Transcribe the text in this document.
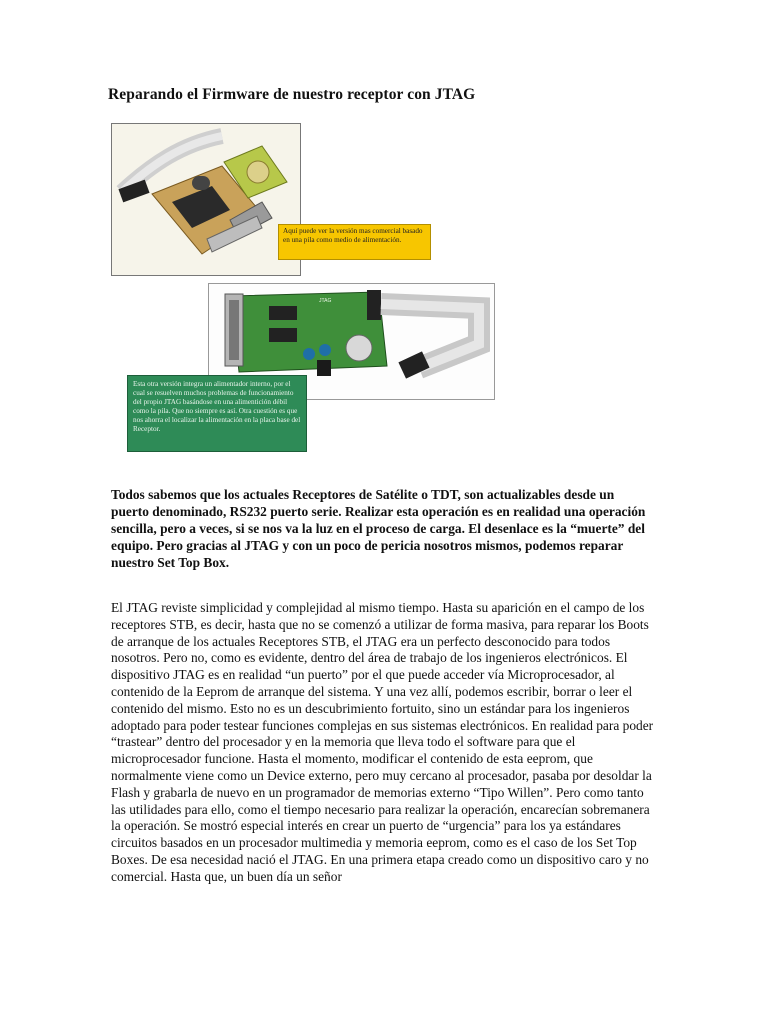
Reparando el Firmware de nuestro receptor con JTAG
Aquí puede ver la versión mas comercial basado en una pila como medio de alimentación.
JTAG
Esta otra versión integra un alimentador interno, por el cual se resuelven muchos problemas de funcionamiento del propio JTAG basándose en una alimentición débil como la pila. Que no siempre es así. Otra cuestión es que nos ahorra el localizar la alimentación en la placa base del Receptor.

Todos sabemos que los actuales Receptores de Satélite o TDT, son actualizables desde un puerto denominado, RS232 puerto serie. Realizar esta operación es en realidad una operación sencilla, pero a veces, si se nos va la luz en el proceso de carga. El desenlace es la “muerte” del equipo. Pero gracias al JTAG y con un poco de pericia nosotros mismos, podemos reparar nuestro Set Top Box.

El JTAG reviste simplicidad y complejidad al mismo tiempo. Hasta su aparición en el campo de los receptores STB, es decir, hasta que no se comenzó a utilizar de forma masiva, para reparar los Boots de arranque de los actuales Receptores STB, el JTAG era un perfecto desconocido para todos nosotros. Pero no, como es evidente, dentro del área de trabajo de los ingenieros electrónicos. El dispositivo JTAG es en realidad “un puerto” por el que puede acceder vía Microprocesador, al contenido de la Eeprom de arranque del sistema. Y una vez allí, podemos escribir, borrar o leer el contenido del mismo. Esto no es un descubrimiento fortuito, sino un estándar para los ingenieros adoptado para poder testear funciones complejas en sus sistemas electrónicos. En realidad para poder “trastear” dentro del procesador y en la memoria que lleva todo el software para que el microprocesador funcione. Hasta el momento, modificar el contenido de esta eeprom, que normalmente viene como un Device externo, pero muy cercano al procesador, pasaba por desoldar la Flash y grabarla de nuevo en un programador de memorias externo “Tipo Willen”. Pero como tanto las utilidades para ello, como el tiempo necesario para realizar la operación, encarecían sobremanera la operación. Se mostró especial interés en crear un puerto de “urgencia” para los ya estándares circuitos basados en un procesador multimedia y memoria eeprom, como es el caso de los Set Top Boxes. De esa necesidad nació el JTAG. En una primera etapa creado como un dispositivo caro y no comercial. Hasta que, un buen día un señor
